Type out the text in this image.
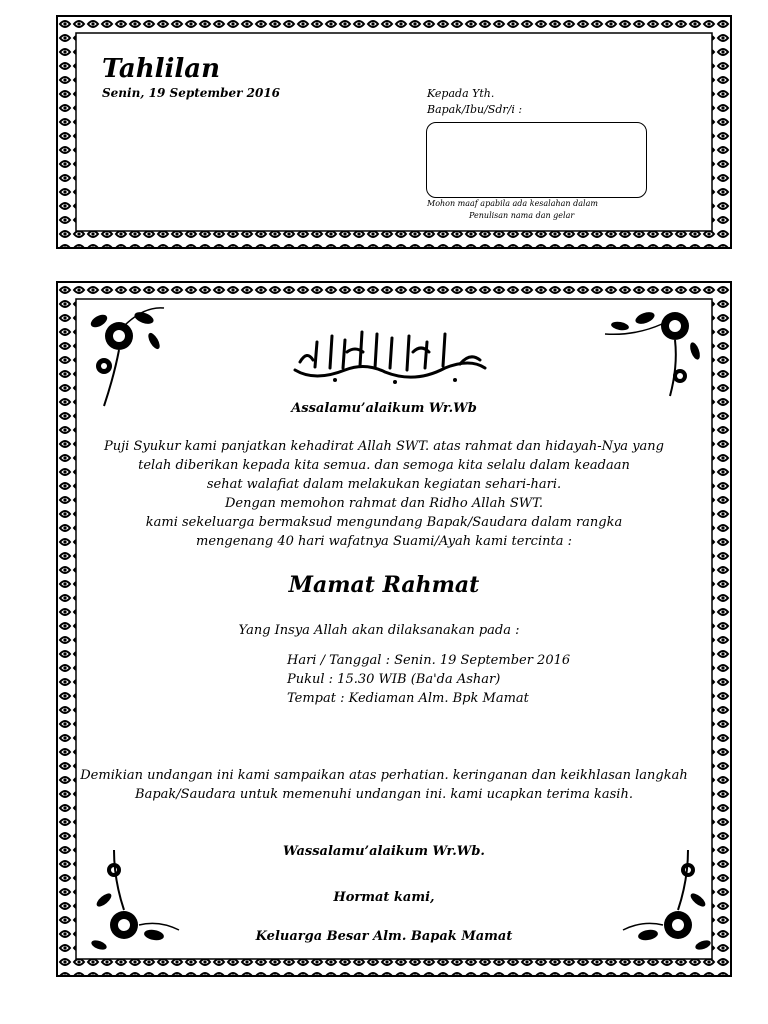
Tahlilan
Senin, 19 September 2016	Kepada Yth.
Bapak/Ibu/Sdr/i :
Mohon maaf apabila ada kesalahan dalam
Penulisan nama dan gelar
Assalamu’alaikum Wr.Wb
Puji Syukur kami panjatkan kehadirat Allah SWT. atas rahmat dan hidayah-Nya yang
telah diberikan kepada kita semua. dan semoga kita selalu dalam keadaan
sehat walafiat dalam melakukan kegiatan sehari-hari.
Dengan memohon rahmat dan Ridho Allah SWT.
kami sekeluarga bermaksud mengundang Bapak/Saudara dalam rangka
mengenang 40 hari wafatnya Suami/Ayah kami tercinta :
Mamat Rahmat
Yang Insya Allah akan dilaksanakan pada :
Hari / Tanggal : Senin. 19 September 2016
Pukul : 15.30 WIB (Ba'da Ashar)
Tempat : Kediaman Alm. Bpk Mamat
Demikian undangan ini kami sampaikan atas perhatian. keringanan dan keikhlasan langkah
Bapak/Saudara untuk memenuhi undangan ini. kami ucapkan terima kasih.
Wassalamu’alaikum Wr.Wb.
Hormat kami,
Keluarga Besar Alm. Bapak Mamat
